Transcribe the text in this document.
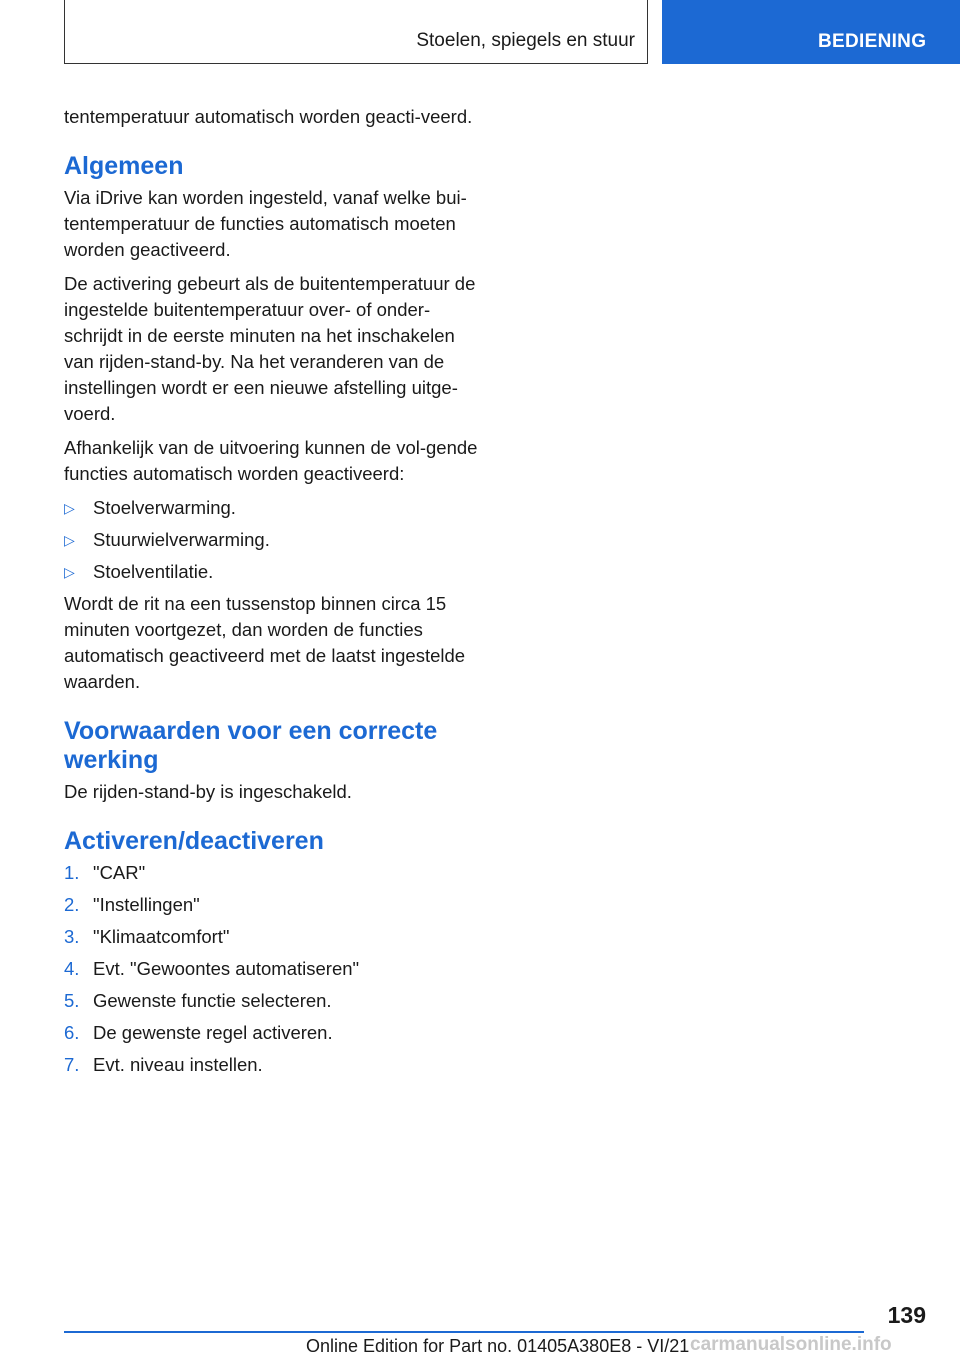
Stoelen, spiegels en stuur	BEDIENING

tentemperatuur automatisch worden geacti-veerd.

Algemeen

Via iDrive kan worden ingesteld, vanaf welke bui-tentemperatuur de functies automatisch moeten worden geactiveerd.

De activering gebeurt als de buitentemperatuur de ingestelde buitentemperatuur over- of onder-schrijdt in de eerste minuten na het inschakelen van rijden-stand-by. Na het veranderen van de instellingen wordt er een nieuwe afstelling uitge-voerd.

Afhankelijk van de uitvoering kunnen de vol-gende functies automatisch worden geactiveerd:

▷ Stoelverwarming.
▷ Stuurwielverwarming.
▷ Stoelventilatie.

Wordt de rit na een tussenstop binnen circa 15 minuten voortgezet, dan worden de functies automatisch geactiveerd met de laatst ingestelde waarden.

Voorwaarden voor een correcte werking

De rijden-stand-by is ingeschakeld.

Activeren/deactiveren
1. "CAR"
2. "Instellingen"
3. "Klimaatcomfort"
4. Evt. "Gewoontes automatiseren"
5. Gewenste functie selecteren.
6. De gewenste regel activeren.
7. Evt. niveau instellen.
139
Online Edition for Part no. 01405A380E8 - VI/21 carmanualsonline.info
